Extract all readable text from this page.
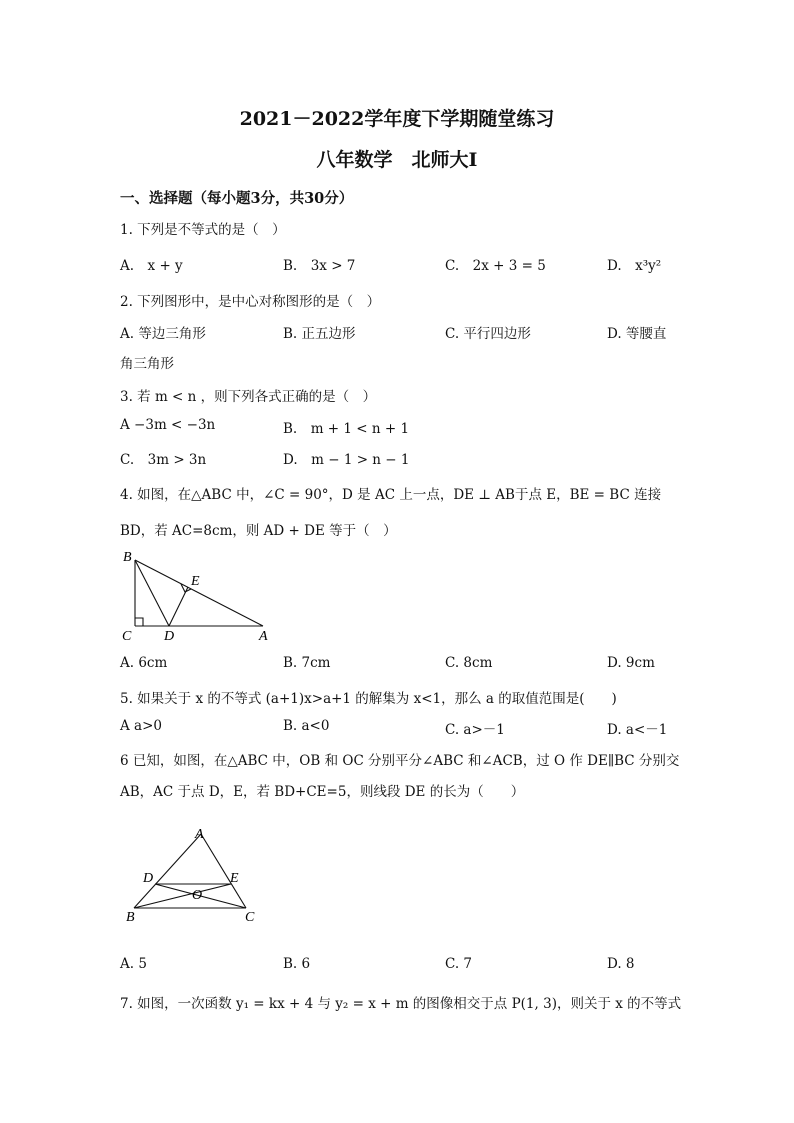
2021－2022学年度下学期随堂练习
八年数学　北师大Ⅰ
一、选择题（每小题3分，共30分）
1. 下列是不等式的是（　）
A.　x + y	B.　3x > 7	C.　2x + 3 = 5	D.　x³y²
2. 下列图形中，是中心对称图形的是（　）
A. 等边三角形	B. 正五边形	C. 平行四边形	D. 等腰直
角三角形
3. 若 m < n ，则下列各式正确的是（　）
A −3m < −3n	B.　m + 1 < n + 1
C.　3m > 3n	D.　m − 1 > n − 1
4. 如图，在△ABC 中，∠C = 90°，D 是 AC 上一点，DE ⊥ AB于点 E，BE = BC 连接
BD，若 AC=8cm，则 AD + DE 等于（　）
B
E
C D	A
A. 6cm	B. 7cm	C. 8cm	D. 9cm
5. 如果关于 x 的不等式 (a+1)x>a+1 的解集为 x<1，那么 a 的取值范围是(　　)
A a>0	B. a<0	C. a>－1	D. a<－1
6 已知，如图，在△ABC 中，OB 和 OC 分别平分∠ABC 和∠ACB，过 O 作 DE∥BC 分别交
AB，AC 于点 D，E，若 BD+CE=5，则线段 DE 的长为（　　）
A
D	E
O
B	C
A. 5	B. 6	C. 7	D. 8
7. 如图，一次函数 y₁ = kx + 4 与 y₂ = x + m 的图像相交于点 P(1, 3)，则关于 x 的不等式
